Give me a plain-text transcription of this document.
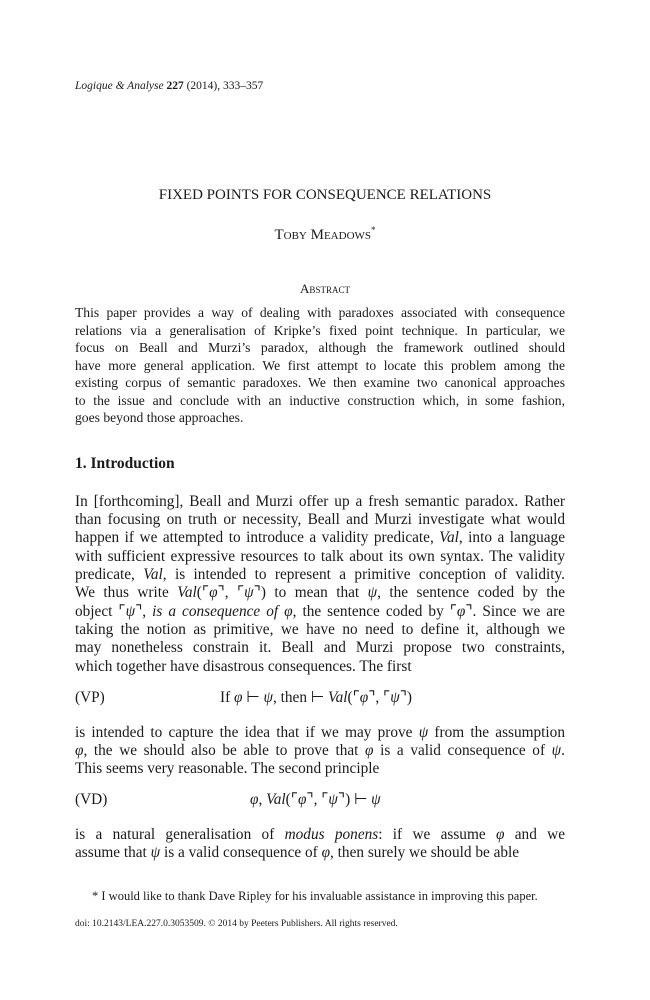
Logique & Analyse 227 (2014), 333–357
FIXED POINTS FOR CONSEQUENCE RELATIONS
Toby Meadows*
Abstract
This paper provides a way of dealing with paradoxes associated with consequence
relations via a generalisation of Kripke’s fixed point technique. In particular, we
focus on Beall and Murzi’s paradox, although the framework outlined should
have more general application. We first attempt to locate this problem among the
existing corpus of semantic paradoxes. We then examine two canonical approaches
to the issue and conclude with an inductive construction which, in some fashion,
goes beyond those approaches.
1. Introduction
In [forthcoming], Beall and Murzi offer up a fresh semantic paradox. Rather
than focusing on truth or necessity, Beall and Murzi investigate what would
happen if we attempted to introduce a validity predicate, Val, into a language
with sufficient expressive resources to talk about its own syntax. The validity
predicate, Val, is intended to represent a primitive conception of validity.
We thus write Val(⌜φ⌝, ⌜ψ⌝) to mean that ψ, the sentence coded by the
object ⌜ψ⌝, is a consequence of φ, the sentence coded by ⌜φ⌝. Since we are
taking the notion as primitive, we have no need to define it, although we
may nonetheless constrain it. Beall and Murzi propose two constraints,
which together have disastrous consequences. The first
(VP)	If φ ⊢ ψ, then ⊢ Val(⌜φ⌝, ⌜ψ⌝)
is intended to capture the idea that if we may prove ψ from the assumption
φ, the we should also be able to prove that φ is a valid consequence of ψ.
This seems very reasonable. The second principle
(VD)	φ, Val(⌜φ⌝, ⌜ψ⌝) ⊢ ψ
is a natural generalisation of modus ponens: if we assume φ and we
assume that ψ is a valid consequence of φ, then surely we should be able
* I would like to thank Dave Ripley for his invaluable assistance in improving this paper.
doi: 10.2143/LEA.227.0.3053509. © 2014 by Peeters Publishers. All rights reserved.
